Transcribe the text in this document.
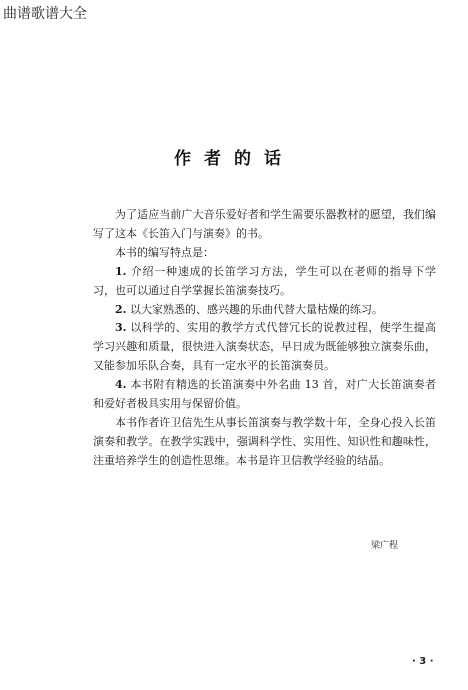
曲谱歌谱大全
作者的话

为了适应当前广大音乐爱好者和学生需要乐器教材的愿望，我们编写了这本《长笛入门与演奏》的书。

本书的编写特点是：

1. 介绍一种速成的长笛学习方法，学生可以在老师的指导下学习，也可以通过自学掌握长笛演奏技巧。

2. 以大家熟悉的、感兴趣的乐曲代替大量枯燥的练习。

3. 以科学的、实用的教学方式代替冗长的说教过程，使学生提高学习兴趣和质量，很快进入演奏状态，早日成为既能够独立演奏乐曲，又能参加乐队合奏，具有一定水平的长笛演奏员。

4. 本书附有精选的长笛演奏中外名曲 13 首，对广大长笛演奏者和爱好者极具实用与保留价值。

本书作者许卫信先生从事长笛演奏与教学数十年，全身心投入长笛演奏和教学。在教学实践中，强调科学性、实用性、知识性和趣味性，注重培养学生的创造性思维。本书是许卫信教学经验的结晶。

梁广程
· 3 ·
